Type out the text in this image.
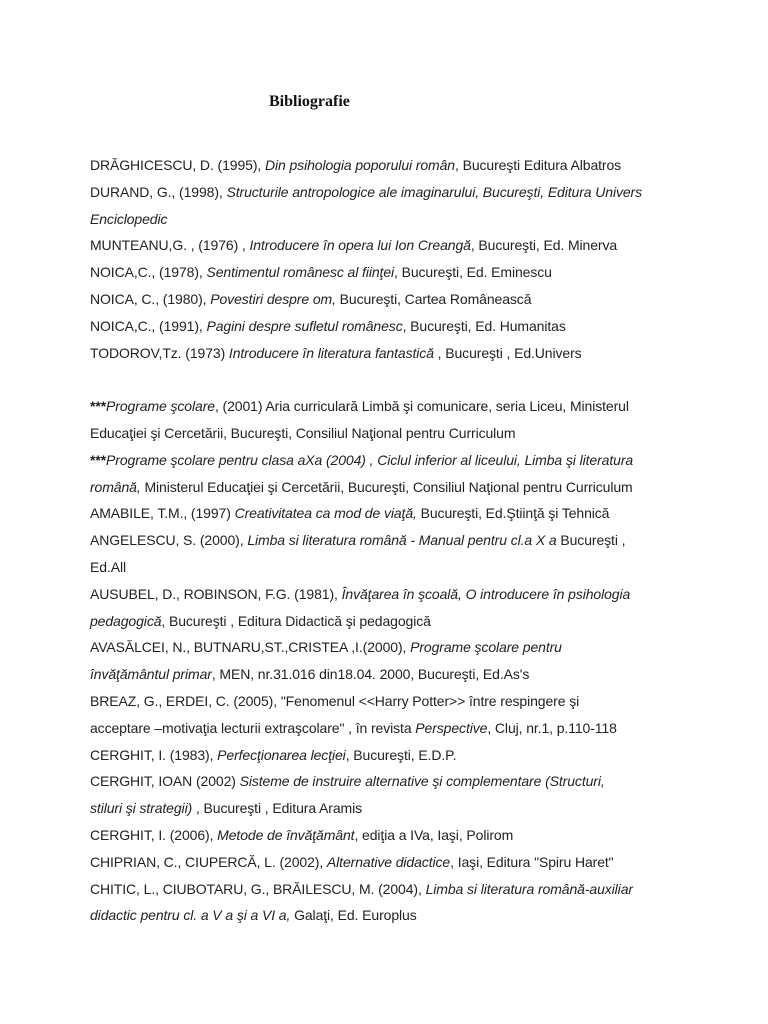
Bibliografie
DRĂGHICESCU, D. (1995), Din psihologia poporului român, Bucureşti Editura Albatros
DURAND, G., (1998), Structurile antropologice ale imaginarului, Bucureşti, Editura Univers
Enciclopedic
MUNTEANU,G. , (1976) , Introducere în opera lui Ion Creangă, Bucureşti, Ed. Minerva
NOICA,C., (1978), Sentimentul românesc al fiinţei, Bucureşti, Ed. Eminescu
NOICA, C., (1980), Povestiri despre om, Bucureşti, Cartea Românească
NOICA,C., (1991), Pagini despre sufletul românesc, Bucureşti, Ed. Humanitas
TODOROV,Tz. (1973) Introducere în literatura fantastică , Bucureşti , Ed.Univers
***Programe şcolare, (2001) Aria curriculară Limbă şi comunicare, seria Liceu, Ministerul
Educaţiei şi Cercetării, Bucureşti, Consiliul Naţional pentru Curriculum
***Programe şcolare pentru clasa aXa (2004) , Ciclul inferior al liceului, Limba şi literatura
română, Ministerul Educaţiei şi Cercetării, Bucureşti, Consiliul Naţional pentru Curriculum
AMABILE, T.M., (1997) Creativitatea ca mod de viaţă, Bucureşti, Ed.Ştiinţă şi Tehnică
ANGELESCU, S. (2000), Limba si literatura română - Manual pentru cl.a X a Bucureşti ,
Ed.All
AUSUBEL, D., ROBINSON, F.G. (1981), Învăţarea în şcoală, O introducere în psihologia
pedagogică, Bucureşti , Editura Didactică şi pedagogică
AVASĂLCEI, N., BUTNARU,ST.,CRISTEA ,I.(2000), Programe şcolare pentru
învăţământul primar, MEN, nr.31.016 din18.04. 2000, Bucureşti, Ed.As's
BREAZ, G., ERDEI, C. (2005), "Fenomenul <<Harry Potter>> între respingere şi
acceptare –motivaţia lecturii extraşcolare" , în revista Perspective, Cluj, nr.1, p.110-118
CERGHIT, I. (1983), Perfecţionarea lecţiei, Bucureşti, E.D.P.
CERGHIT, IOAN (2002) Sisteme de instruire alternative şi complementare (Structuri,
stiluri şi strategii) , Bucureşti , Editura Aramis
CERGHIT, I. (2006), Metode de învăţământ, ediţia a IVa, Iaşi, Polirom
CHIPRIAN, C., CIUPERCĂ, L. (2002), Alternative didactice, Iaşi, Editura "Spiru Haret"
CHITIC, L., CIUBOTARU, G., BRĂILESCU, M. (2004), Limba si literatura română-auxiliar
didactic pentru cl. a V a şi a VI a, Galaţi, Ed. Europlus
